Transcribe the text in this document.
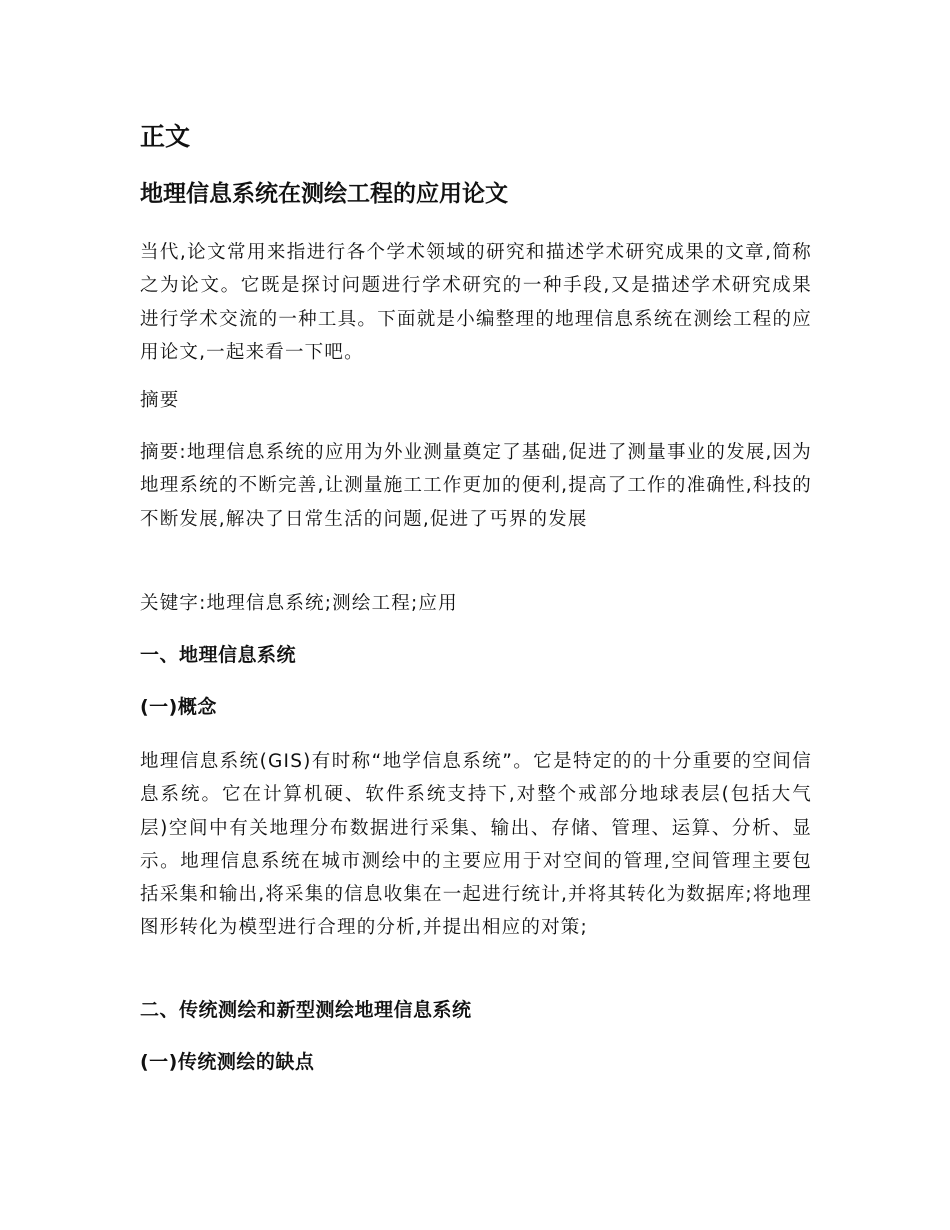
正文
地理信息系统在测绘工程的应用论文

当代,论文常用来指进行各个学术领域的研究和描述学术研究成果的文章,简称之为论文。它既是探讨问题进行学术研究的一种手段,又是描述学术研究成果进行学术交流的一种工具。下面就是小编整理的地理信息系统在测绘工程的应用论文,一起来看一下吧。

摘要

摘要:地理信息系统的应用为外业测量奠定了基础,促进了测量事业的发展,因为地理系统的不断完善,让测量施工工作更加的便利,提高了工作的准确性,科技的不断发展,解决了日常生活的问题,促进了丐界的发展

关键字:地理信息系统;测绘工程;应用

一、地理信息系统
(一)概念

地理信息系统(GIS)有时称“地学信息系统”。它是特定的的十分重要的空间信息系统。它在计算机硬、软件系统支持下,对整个戒部分地球表层(包括大气层)空间中有关地理分布数据进行采集、输出、存储、管理、运算、分析、显示。地理信息系统在城市测绘中的主要应用于对空间的管理,空间管理主要包括采集和输出,将采集的信息收集在一起进行统计,并将其转化为数据库;将地理图形转化为模型进行合理的分析,并提出相应的对策;

二、传统测绘和新型测绘地理信息系统
(一)传统测绘的缺点
